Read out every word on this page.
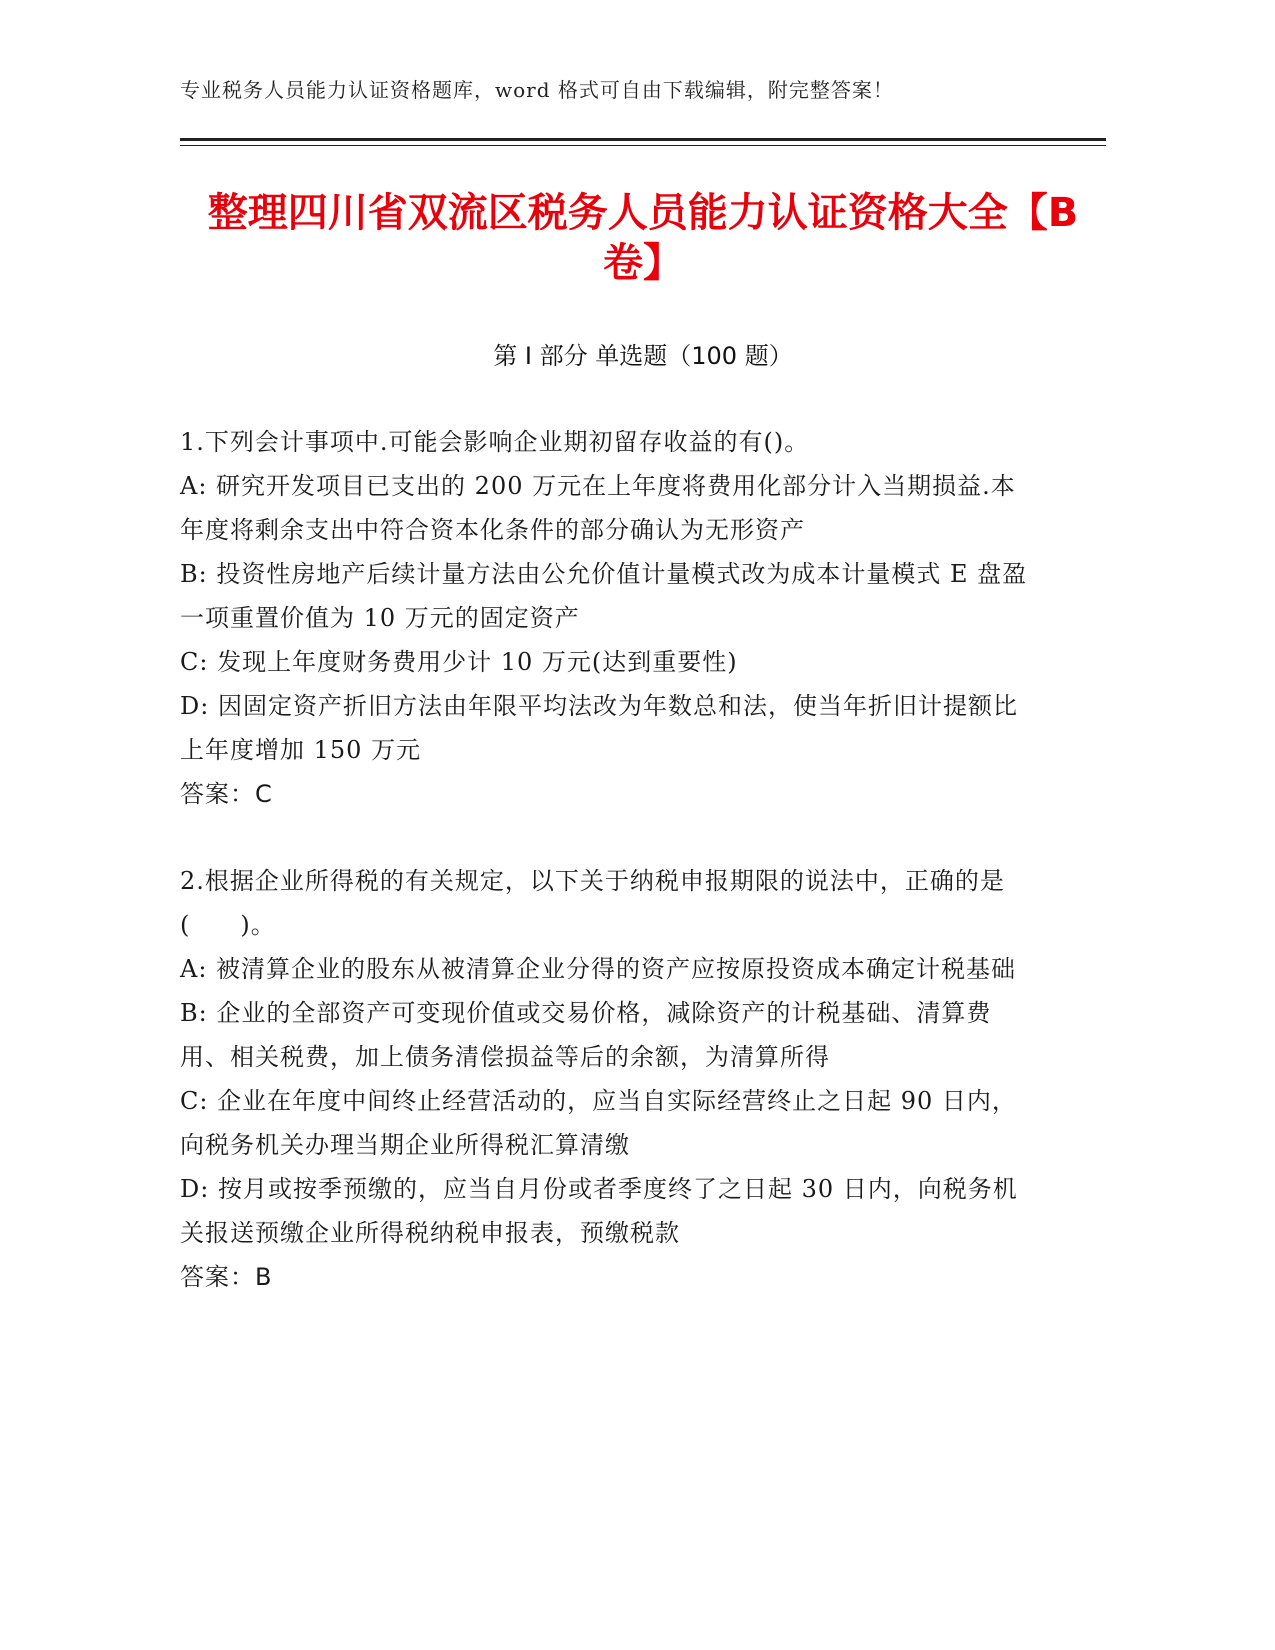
专业税务人员能力认证资格题库，word 格式可自由下载编辑，附完整答案！
整理四川省双流区税务人员能力认证资格大全【B 卷】
第 I 部分 单选题（100 题）

1.下列会计事项中.可能会影响企业期初留存收益的有()。

A: 研究开发项目已支出的 200 万元在上年度将费用化部分计入当期损益.本年度将剩余支出中符合资本化条件的部分确认为无形资产

B: 投资性房地产后续计量方法由公允价值计量模式改为成本计量模式 E 盘盈一项重置价值为 10 万元的固定资产

C: 发现上年度财务费用少计 10 万元(达到重要性)

D: 因固定资产折旧方法由年限平均法改为年数总和法，使当年折旧计提额比上年度增加 150 万元

答案：C

2.根据企业所得税的有关规定，以下关于纳税申报期限的说法中，正确的是(　　)。

A: 被清算企业的股东从被清算企业分得的资产应按原投资成本确定计税基础

B: 企业的全部资产可变现价值或交易价格，减除资产的计税基础、清算费用、相关税费，加上债务清偿损益等后的余额，为清算所得

C: 企业在年度中间终止经营活动的，应当自实际经营终止之日起 90 日内，向税务机关办理当期企业所得税汇算清缴

D: 按月或按季预缴的，应当自月份或者季度终了之日起 30 日内，向税务机关报送预缴企业所得税纳税申报表，预缴税款

答案：B
